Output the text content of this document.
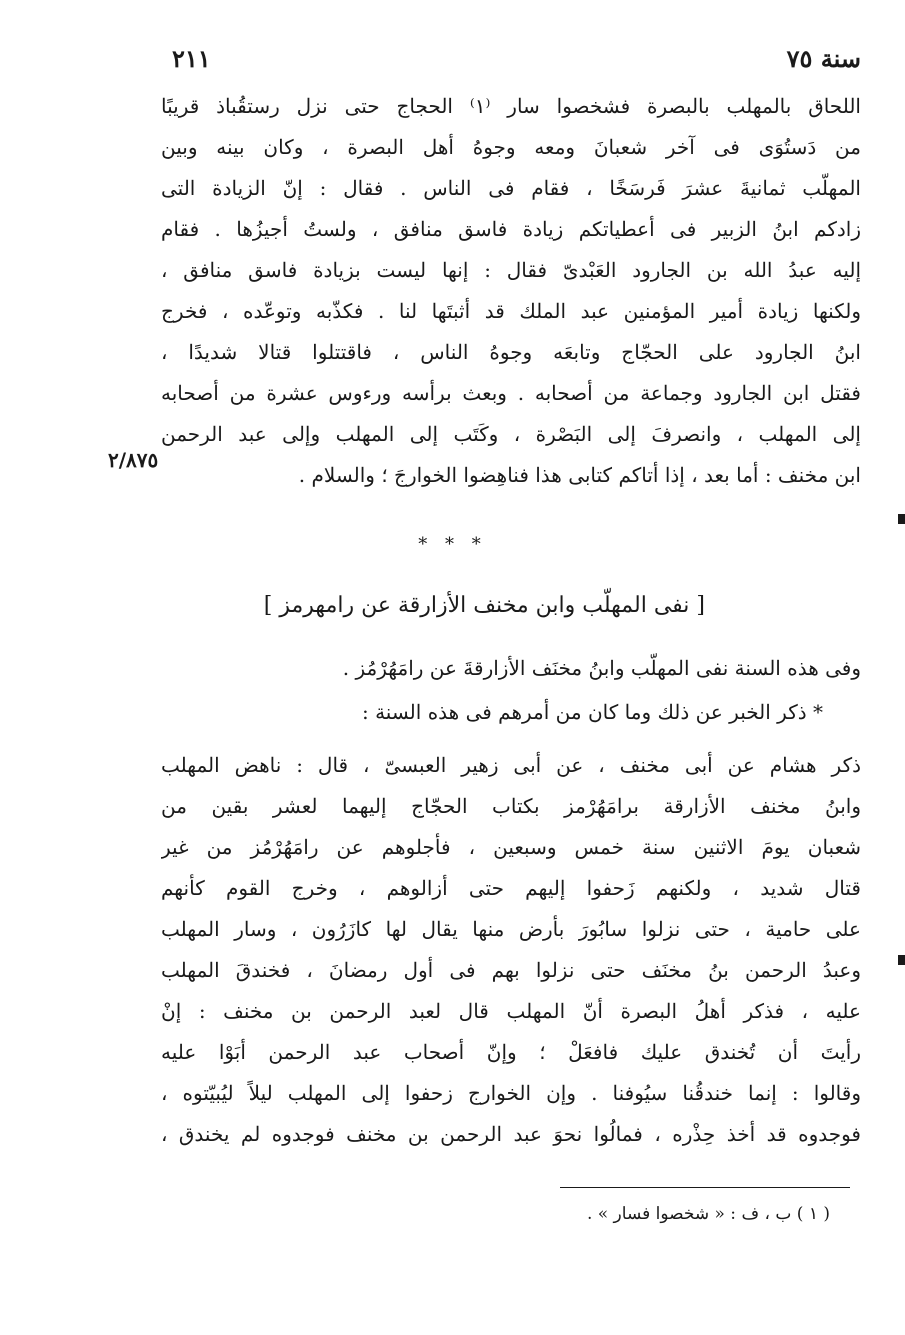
سنة ٧٥
٢١١
اللحاق بالمهلب بالبصرة فشخصوا سار ⁽١⁾ الحجاج حتى نزل رستقُباذ قريبًا
من دَستُوَى فى آخر شعبانَ ومعه وجوهُ أهل البصرة ، وكان بينه وبين
المهلّب ثمانيةَ عشرَ فَرسَخًا ، فقام فى الناس . فقال : إنّ الزيادة التى
زادكم ابنُ الزبير فى أعطياتكم زيادة فاسق منافق ، ولستُ أجيزُها . فقام
إليه عبدُ الله بن الجارود العَبْدىّ فقال : إنها ليست بزيادة فاسق منافق ،
ولكنها زيادة أمير المؤمنين عبد الملك قد أثبتَها لنا . فكذّبه وتوعّده ، فخرج
ابنُ الجارود على الحجّاج وتابعَه وجوهُ الناس ، فاقتتلوا قتالا شديدًا ،
فقتل ابن الجارود وجماعة من أصحابه . وبعث برأسه ورءوس عشرة من أصحابه
إلى المهلب ، وانصرفَ إلى البَصْرة ، وكَتَب إلى المهلب وإلى عبد الرحمن
ابن مخنف : أما بعد ، إذا أتاكم كتابى هذا فناهِضوا الخوارجَ ؛ والسلام .
٢/٨٧٥
* * *
[ نفى المهلّب وابن مخنف الأزارقة عن رامهرمز ]
وفى هذه السنة نفى المهلّب وابنُ مخنَف الأزارقةَ عن رامَهُرْمُز .
* ذكر الخبر عن ذلك وما كان من أمرهم فى هذه السنة :
ذكر هشام عن أبى مخنف ، عن أبى زهير العبسىّ ، قال : ناهض المهلب
وابنُ مخنف الأزارقة برامَهُرْمز بكتاب الحجّاج إليهما لعشر بقين من
شعبان يومَ الاثنين سنة خمس وسبعين ، فأجلوهم عن رامَهُرْمُز من غير
قتال شديد ، ولكنهم زَحفوا إليهم حتى أزالوهم ، وخرج القوم كأنهم
على حامية ، حتى نزلوا سابُورَ بأرض منها يقال لها كازَرُون ، وسار المهلب
وعبدُ الرحمن بنُ مخنَف حتى نزلوا بهم فى أول رمضانَ ، فخندقَ المهلب
عليه ، فذكر أهلُ البصرة أنّ المهلب قال لعبد الرحمن بن مخنف : إنْ
رأيتَ أن تُخندق عليك فافعَلْ ؛ وإنّ أصحاب عبد الرحمن أبَوْا عليه
وقالوا : إنما خندقُنا سيُوفنا . وإن الخوارج زحفوا إلى المهلب ليلاً ليُبيّتوه ،
فوجدوه قد أخذ حِذْره ، فمالُوا نحوَ عبد الرحمن بن مخنف فوجدوه لم يخندق ،
( ١ ) ب ، ف : « شخصوا فسار » .
